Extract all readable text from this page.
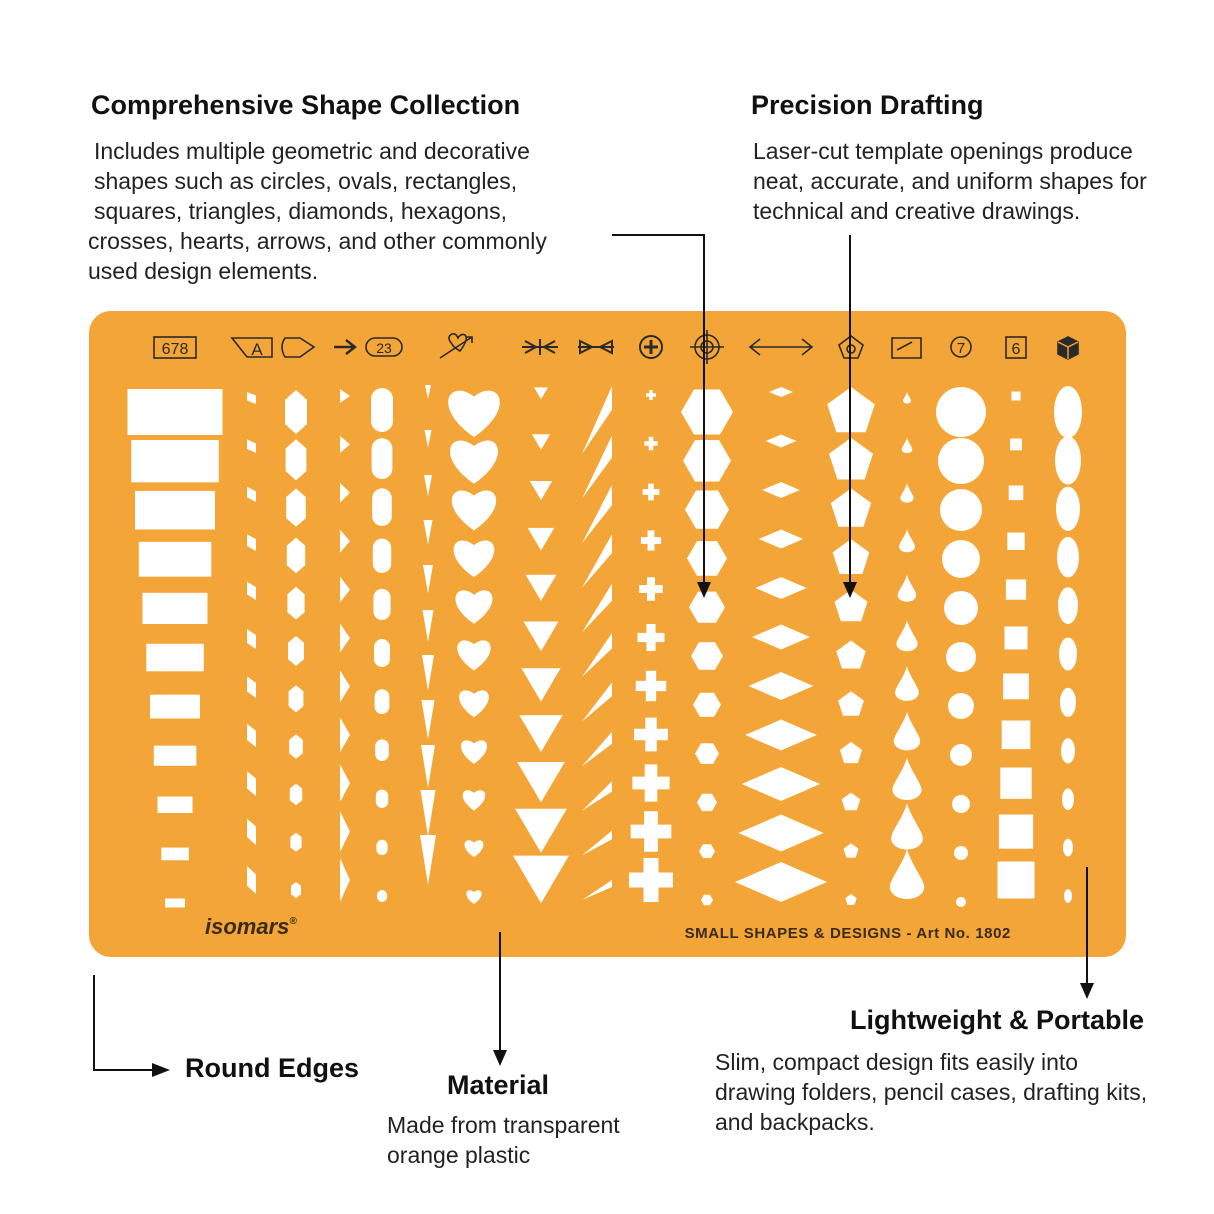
678	A	23	7	6
isomars®
SMALL SHAPES & DESIGNS - Art No. 1802
Comprehensive Shape Collection
Includes multiple geometric and decorative
shapes such as circles, ovals, rectangles,
squares, triangles, diamonds, hexagons,
crosses, hearts, arrows, and other commonly
used design elements.
Precision Drafting
Laser-cut template openings produce
neat, accurate, and uniform shapes for
technical and creative drawings.
Round Edges
Material
Made from transparent
orange plastic
Lightweight & Portable
Slim, compact design fits easily into
drawing folders, pencil cases, drafting kits,
and backpacks.
